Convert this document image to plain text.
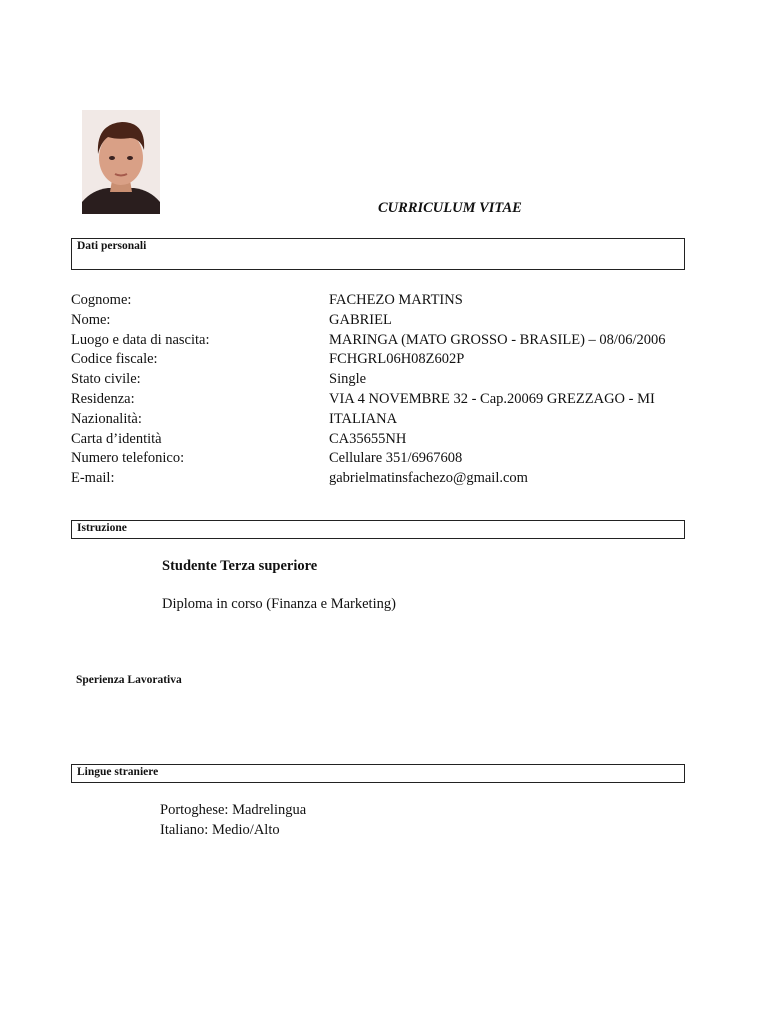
CURRICULUM VITAE
Dati personali
Cognome:	FACHEZO MARTINS
Nome:	GABRIEL
Luogo e data di nascita:	MARINGA (MATO GROSSO - BRASILE) – 08/06/2006
Codice fiscale:	FCHGRL06H08Z602P
Stato civile:	Single
Residenza:	VIA 4 NOVEMBRE 32 - Cap.20069 GREZZAGO - MI
Nazionalità:	ITALIANA
Carta d’identità	CA35655NH
Numero telefonico:	Cellulare 351/6967608
E-mail:	gabrielmatinsfachezo@gmail.com
Istruzione
Studente Terza superiore
Diploma in corso (Finanza e Marketing)
Sperienza Lavorativa
Lingue straniere
Portoghese: Madrelingua
Italiano: Medio/Alto
